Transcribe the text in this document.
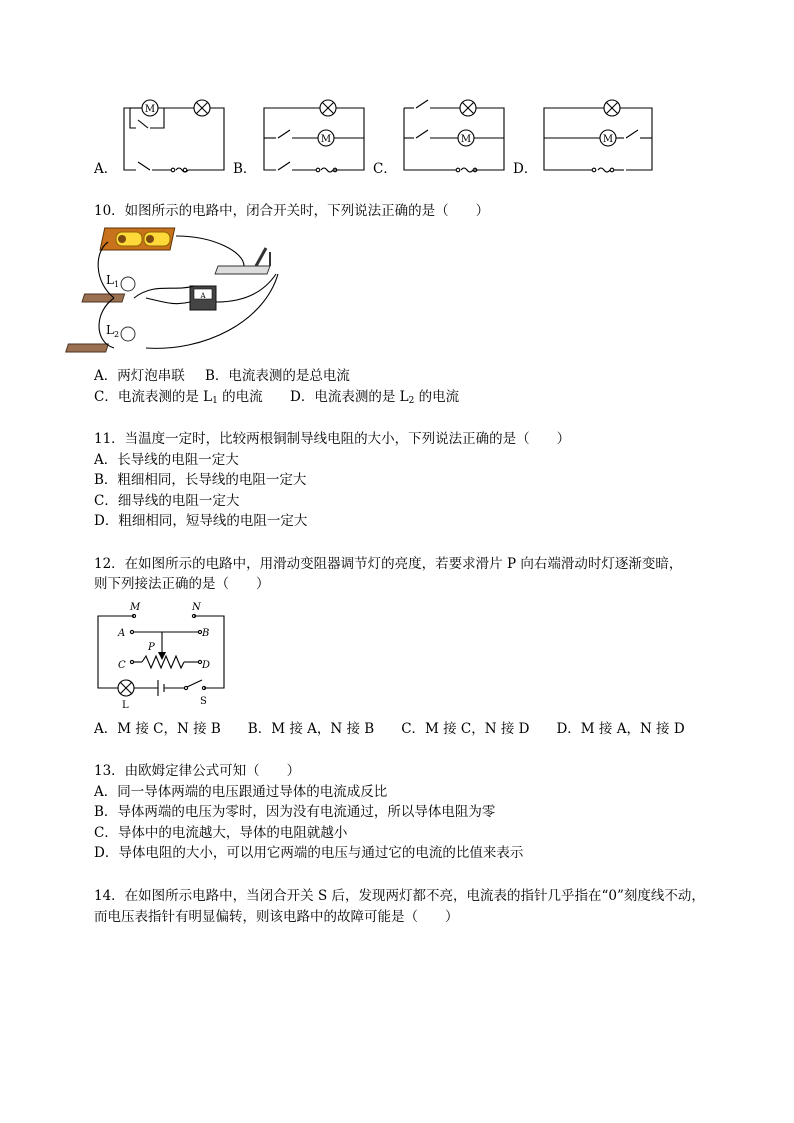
A．	B．	C．	D．
M
M	M	M
10．如图所示的电路中，闭合开关时，下列说法正确的是（　　）
A
L 1
L 2
A．两灯泡串联 B．电流表测的是总电流
C．电流表测的是 $L_1$ 的电流 D．电流表测的是 $L_2$ 的电流
11．当温度一定时，比较两根铜制导线电阻的大小，下列说法正确的是（　　）
A．长导线的电阻一定大
B．粗细相同，长导线的电阻一定大
C．细导线的电阻一定大
D．粗细相同，短导线的电阻一定大
12．在如图所示的电路中，用滑动变阻器调节灯的亮度，若要求滑片 P 向右端滑动时灯逐渐变暗，
则下列接法正确的是（　　）
M	N
A	B
P
C	D
L	S
A．M 接 C，N 接 B　　B．M 接 A，N 接 B　　C．M 接 C，N 接 D　　D．M 接 A，N 接 D
13．由欧姆定律公式可知（　　）
A．同一导体两端的电压跟通过导体的电流成反比
B．导体两端的电压为零时，因为没有电流通过，所以导体电阻为零
C．导体中的电流越大，导体的电阻就越小
D．导体电阻的大小，可以用它两端的电压与通过它的电流的比值来表示
14．在如图所示电路中，当闭合开关 S 后，发现两灯都不亮，电流表的指针几乎指在“0”刻度线不动，
而电压表指针有明显偏转，则该电路中的故障可能是（　　）
